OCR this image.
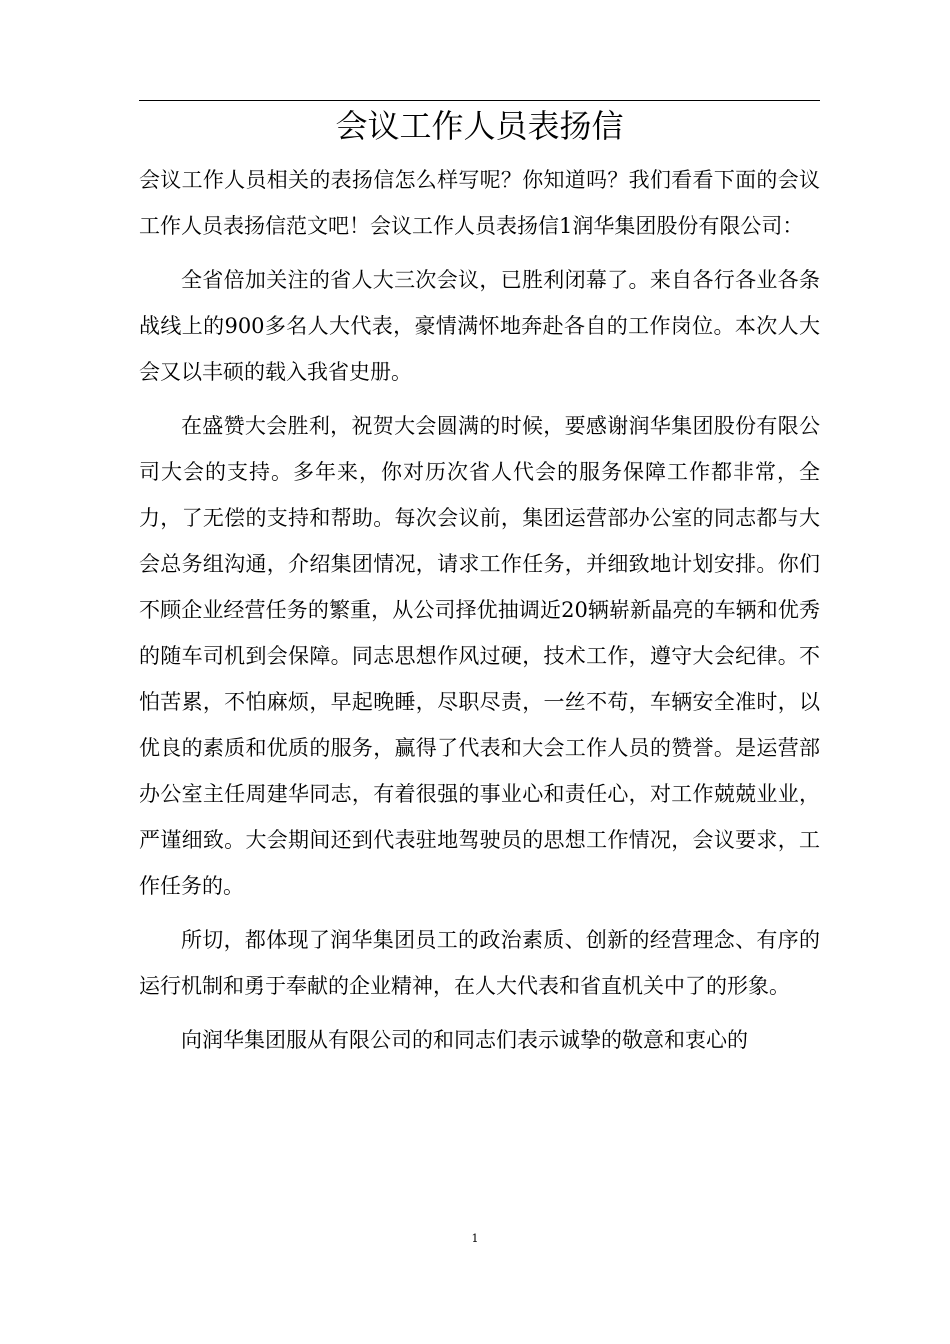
会议工作人员表扬信

会议工作人员相关的表扬信怎么样写呢？你知道吗？我们看看下面的会议工作人员表扬信范文吧！会议工作人员表扬信1润华集团股份有限公司：

全省倍加关注的省人大三次会议，已胜利闭幕了。来自各行各业各条战线上的900多名人大代表，豪情满怀地奔赴各自的工作岗位。本次人大会又以丰硕的载入我省史册。

在盛赞大会胜利，祝贺大会圆满的时候，要感谢润华集团股份有限公司大会的支持。多年来，你对历次省人代会的服务保障工作都非常，全力，了无偿的支持和帮助。每次会议前，集团运营部办公室的同志都与大会总务组沟通，介绍集团情况，请求工作任务，并细致地计划安排。你们不顾企业经营任务的繁重，从公司择优抽调近20辆崭新晶亮的车辆和优秀的随车司机到会保障。同志思想作风过硬，技术工作，遵守大会纪律。不怕苦累，不怕麻烦，早起晚睡，尽职尽责，一丝不苟，车辆安全准时，以优良的素质和优质的服务，赢得了代表和大会工作人员的赞誉。是运营部办公室主任周建华同志，有着很强的事业心和责任心，对工作兢兢业业，严谨细致。大会期间还到代表驻地驾驶员的思想工作情况，会议要求，工作任务的。

所切，都体现了润华集团员工的政治素质、创新的经营理念、有序的运行机制和勇于奉献的企业精神，在人大代表和省直机关中了的形象。

向润华集团服从有限公司的和同志们表示诚挚的敬意和衷心的

1
